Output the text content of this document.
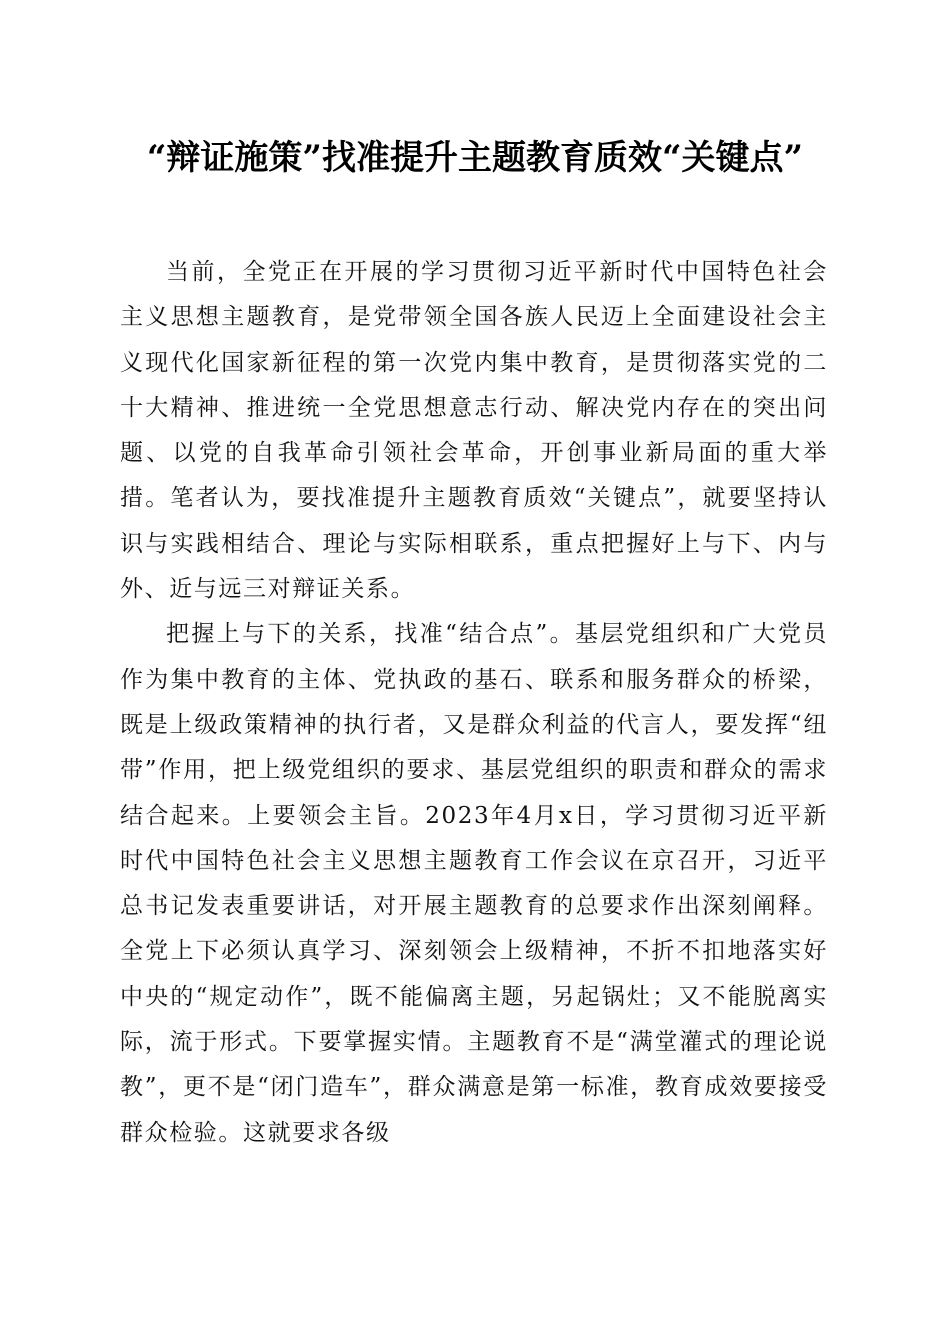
“辩证施策”找准提升主题教育质效“关键点”

当前，全党正在开展的学习贯彻习近平新时代中国特色社会主义思想主题教育，是党带领全国各族人民迈上全面建设社会主义现代化国家新征程的第一次党内集中教育，是贯彻落实党的二十大精神、推进统一全党思想意志行动、解决党内存在的突出问题、以党的自我革命引领社会革命，开创事业新局面的重大举措。笔者认为，要找准提升主题教育质效“关键点”，就要坚持认识与实践相结合、理论与实际相联系，重点把握好上与下、内与外、近与远三对辩证关系。

把握上与下的关系，找准“结合点”。基层党组织和广大党员作为集中教育的主体、党执政的基石、联系和服务群众的桥梁，既是上级政策精神的执行者，又是群众利益的代言人，要发挥“纽带”作用，把上级党组织的要求、基层党组织的职责和群众的需求结合起来。上要领会主旨。2023年4月x日，学习贯彻习近平新时代中国特色社会主义思想主题教育工作会议在京召开，习近平总书记发表重要讲话，对开展主题教育的总要求作出深刻阐释。全党上下必须认真学习、深刻领会上级精神，不折不扣地落实好中央的“规定动作”，既不能偏离主题，另起锅灶；又不能脱离实际，流于形式。下要掌握实情。主题教育不是“满堂灌式的理论说教”，更不是“闭门造车”，群众满意是第一标准，教育成效要接受群众检验。这就要求各级
